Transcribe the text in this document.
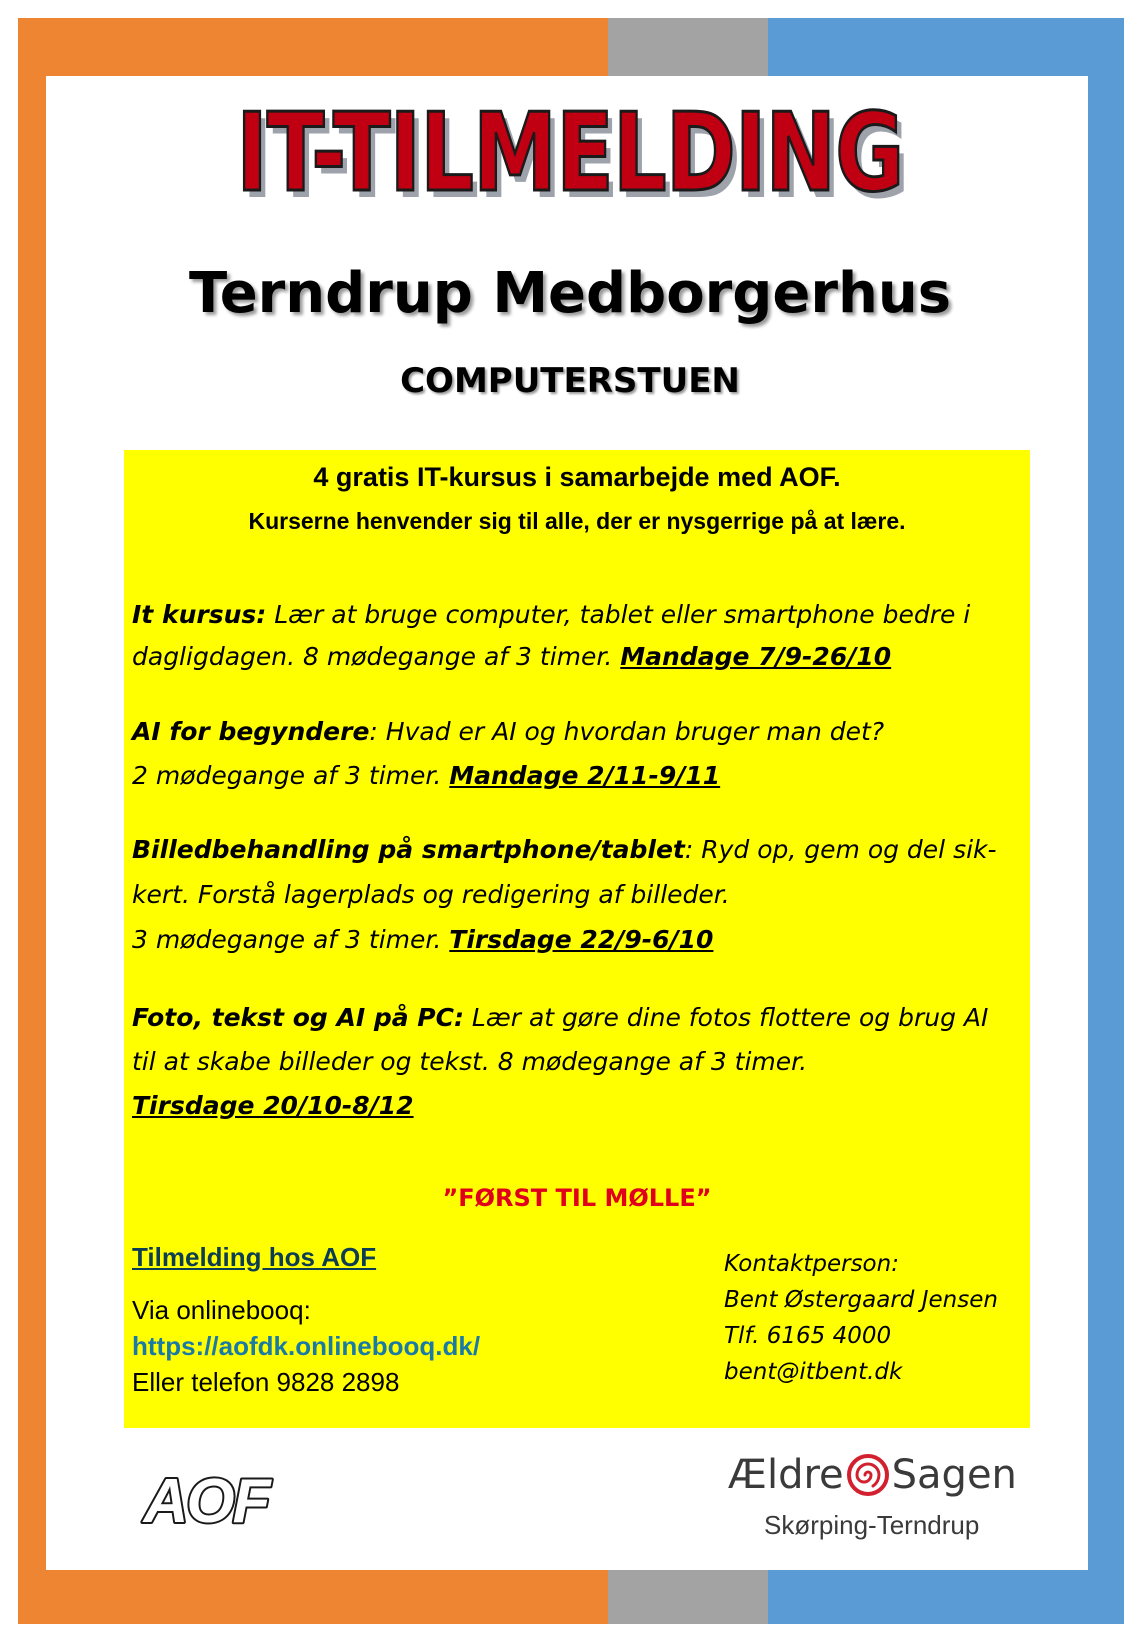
IT-TILMELDING
Terndrup Medborgerhus
COMPUTERSTUEN
4 gratis IT-kursus i samarbejde med AOF.
Kurserne henvender sig til alle, der er nysgerrige på at lære.
It kursus: Lær at bruge computer, tablet eller smartphone bedre i
dagligdagen. 8 mødegange af 3 timer. Mandage 7/9-26/10
AI for begyndere: Hvad er AI og hvordan bruger man det?
2 mødegange af 3 timer. Mandage 2/11-9/11
Billedbehandling på smartphone/tablet: Ryd op, gem og del sik-
kert. Forstå lagerplads og redigering af billeder.
3 mødegange af 3 timer. Tirsdage 22/9-6/10
Foto, tekst og AI på PC: Lær at gøre dine fotos flottere og brug AI
til at skabe billeder og tekst. 8 mødegange af 3 timer.
Tirsdage 20/10-8/12
”FØRST TIL MØLLE”
Tilmelding hos AOF
Via onlinebooq:
https://aofdk.onlinebooq.dk/
Eller telefon 9828 2898
Kontaktperson:
Bent Østergaard Jensen
Tlf. 6165 4000
bent@itbent.dk
AOF	Ældre Sagen
Skørping-Terndrup
